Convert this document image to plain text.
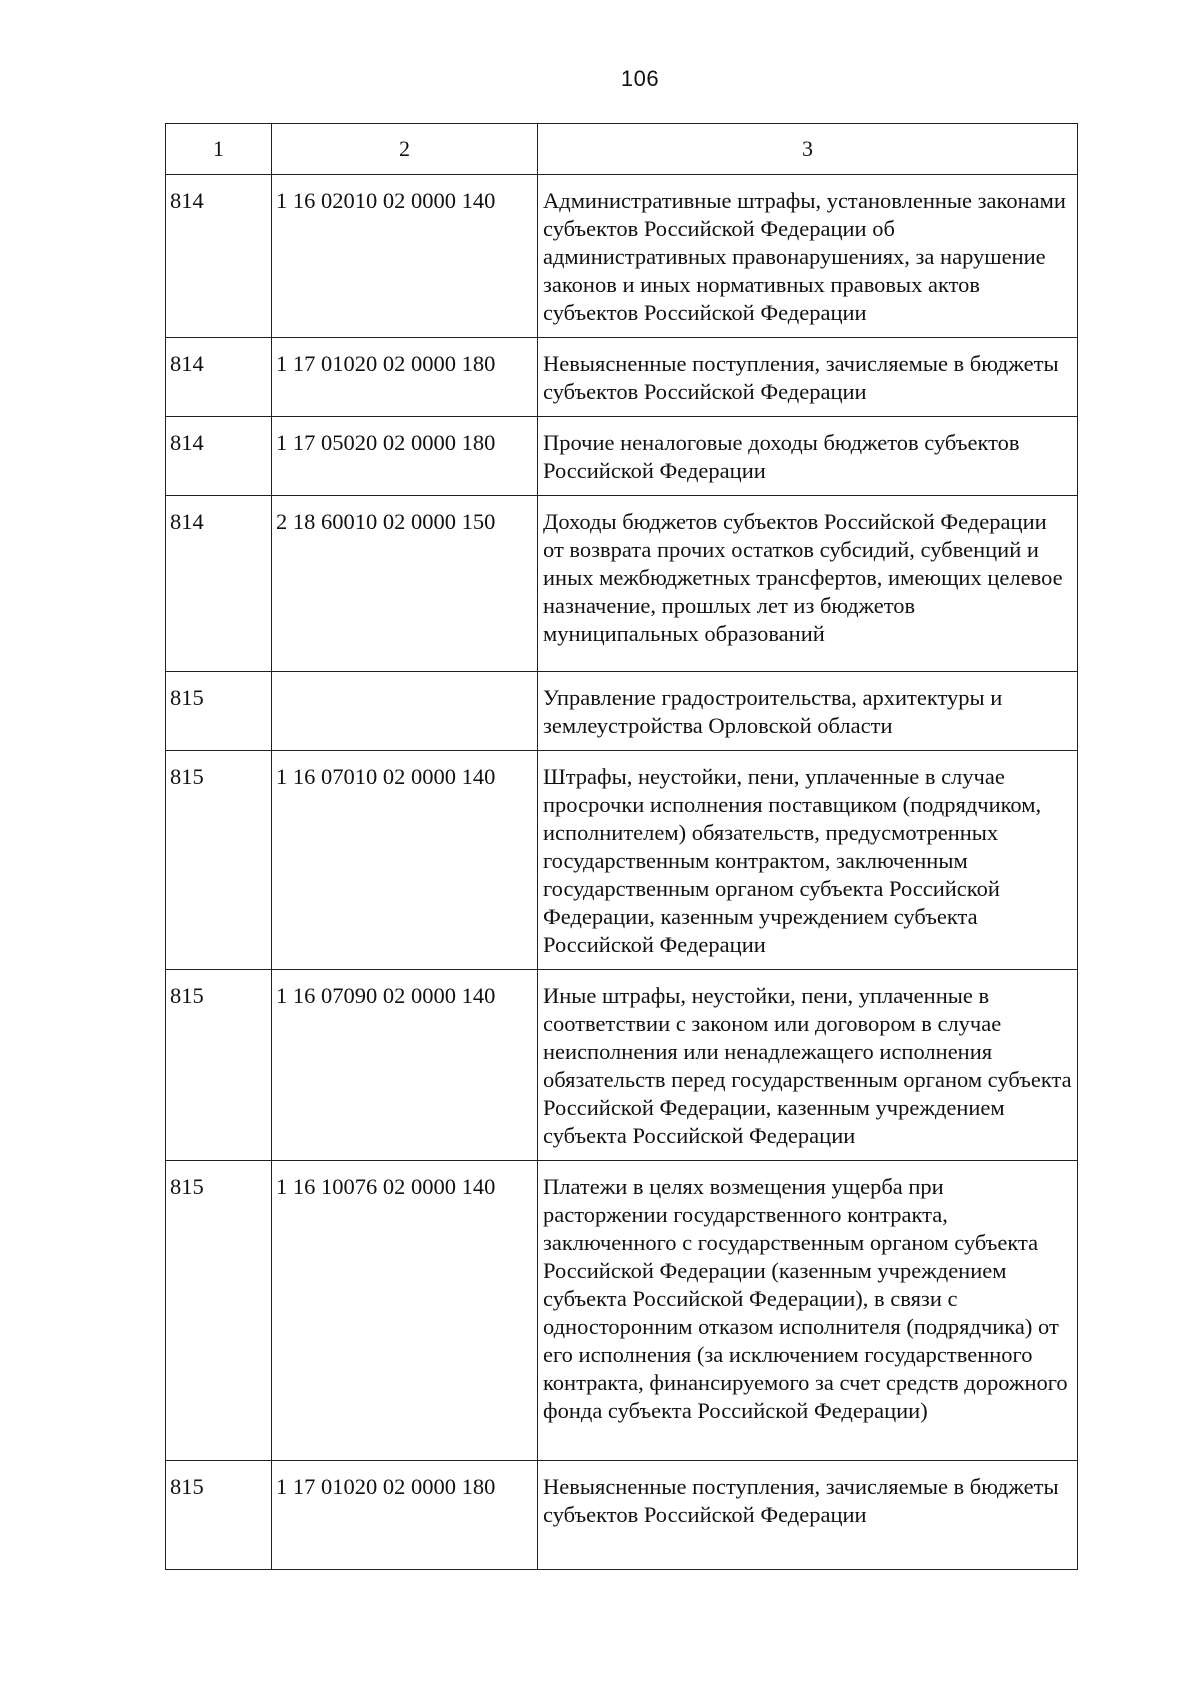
106
1	2	3
814	1 16 02010 02 0000 140	Административные штрафы, установленные законами субъектов Российской Федерации об административных правонарушениях, за нарушение законов и иных нормативных правовых актов субъектов Российской Федерации
814	1 17 01020 02 0000 180	Невыясненные поступления, зачисляемые в бюджеты субъектов Российской Федерации
814	1 17 05020 02 0000 180	Прочие неналоговые доходы бюджетов субъектов Российской Федерации
814	2 18 60010 02 0000 150	Доходы бюджетов субъектов Российской Федерации от возврата прочих остатков субсидий, субвенций и иных межбюджетных трансфертов, имеющих целевое назначение, прошлых лет из бюджетов муниципальных образований
815		Управление градостроительства, архитектуры и землеустройства Орловской области
815	1 16 07010 02 0000 140	Штрафы, неустойки, пени, уплаченные в случае просрочки исполнения поставщиком (подрядчиком, исполнителем) обязательств, предусмотренных государственным контрактом, заключенным государственным органом субъекта Российской Федерации, казенным учреждением субъекта Российской Федерации
815	1 16 07090 02 0000 140	Иные штрафы, неустойки, пени, уплаченные в соответствии с законом или договором в случае неисполнения или ненадлежащего исполнения обязательств перед государственным органом субъекта Российской Федерации, казенным учреждением субъекта Российской Федерации
815	1 16 10076 02 0000 140	Платежи в целях возмещения ущерба при расторжении государственного контракта, заключенного с государственным органом субъекта Российской Федерации (казенным учреждением субъекта Российской Федерации), в связи с односторонним отказом исполнителя (подрядчика) от его исполнения (за исключением государственного контракта, финансируемого за счет средств дорожного фонда субъекта Российской Федерации)
815	1 17 01020 02 0000 180	Невыясненные поступления, зачисляемые в бюджеты субъектов Российской Федерации
